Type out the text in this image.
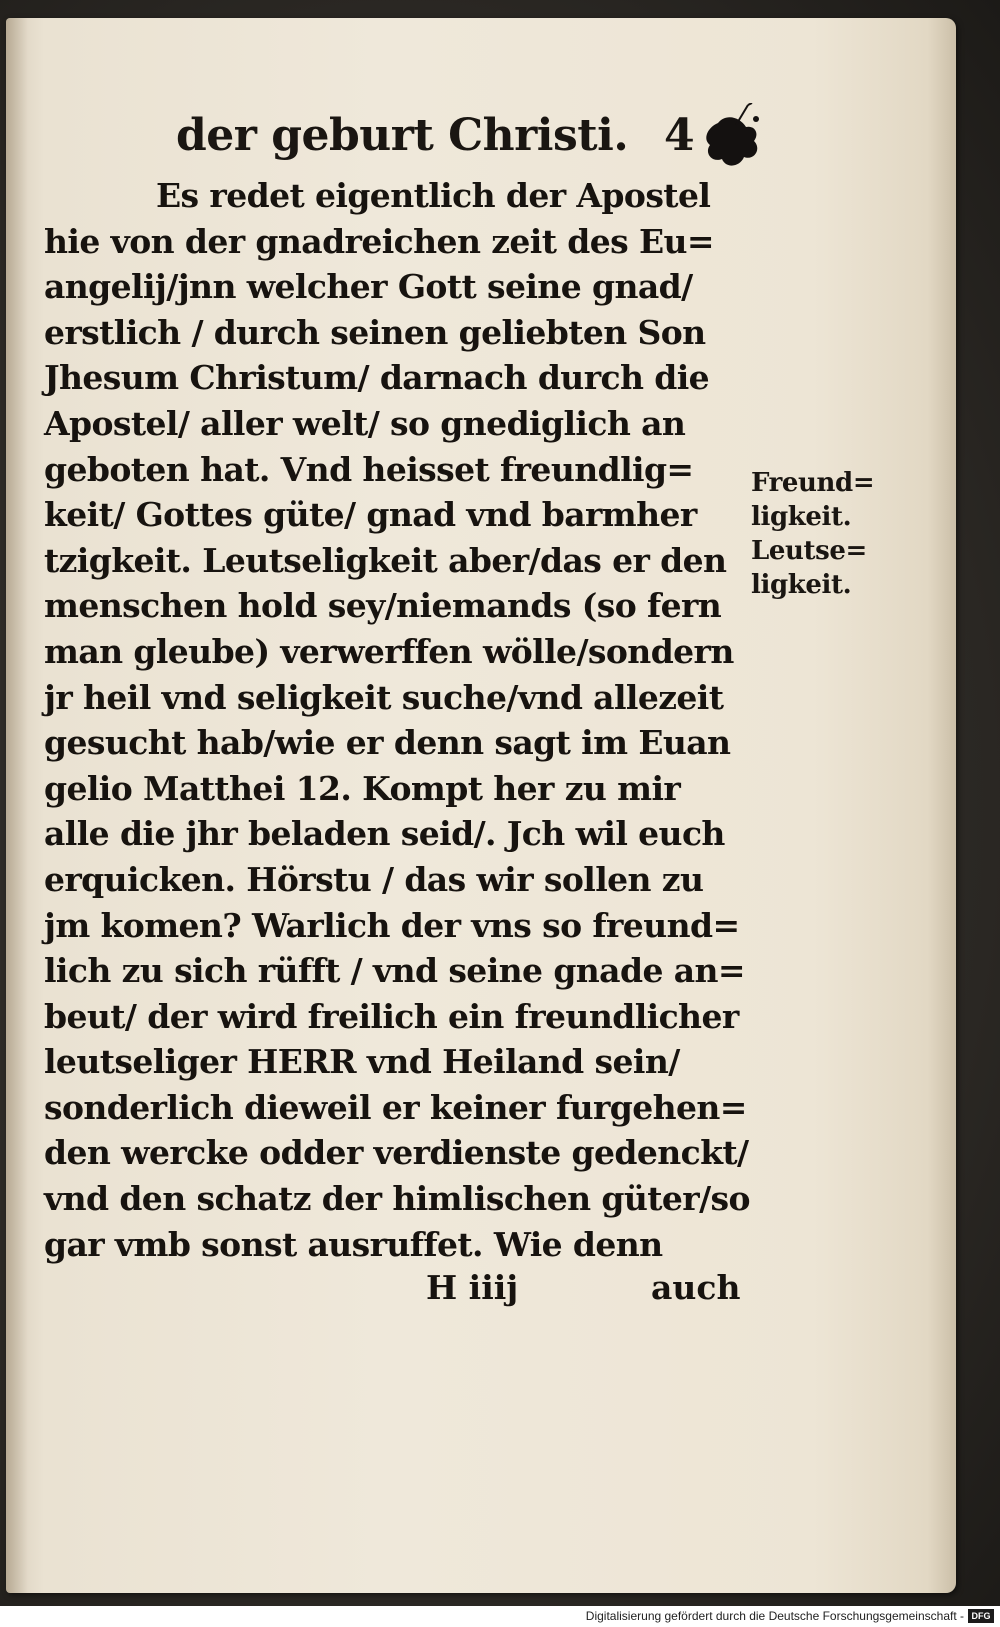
der geburt Christi. 4
Es redet eigentlich der Apostel
hie von der gnadreichen zeit des Eu=
angelij/jnn welcher Gott seine gnad/
erstlich / durch seinen geliebten Son
Jhesum Christum/ darnach durch die
Apostel/ aller welt/ so gnediglich an
geboten hat. Vnd heisset freundlig=
keit/ Gottes güte/ gnad vnd barmher
tzigkeit. Leutseligkeit aber/das er den
menschen hold sey/niemands (so fern
man gleube) verwerffen wölle/sondern
jr heil vnd seligkeit suche/vnd allezeit
gesucht hab/wie er denn sagt im Euan
gelio Matthei 12. Kompt her zu mir
alle die jhr beladen seid/. Jch wil euch
erquicken. Hörstu / das wir sollen zu
jm komen? Warlich der vns so freund=
lich zu sich rüfft / vnd seine gnade an=
beut/ der wird freilich ein freundlicher
leutseliger HERR vnd Heiland sein/
sonderlich dieweil er keiner furgehen=
den wercke odder verdienste gedenckt/
vnd den schatz der himlischen güter/so
gar vmb sonst ausruffet. Wie denn
Freund=
ligkeit.
Leutse=
ligkeit.
H iiij	auch
Digitalisierung gefördert durch die Deutsche Forschungsgemeinschaft - DFG
